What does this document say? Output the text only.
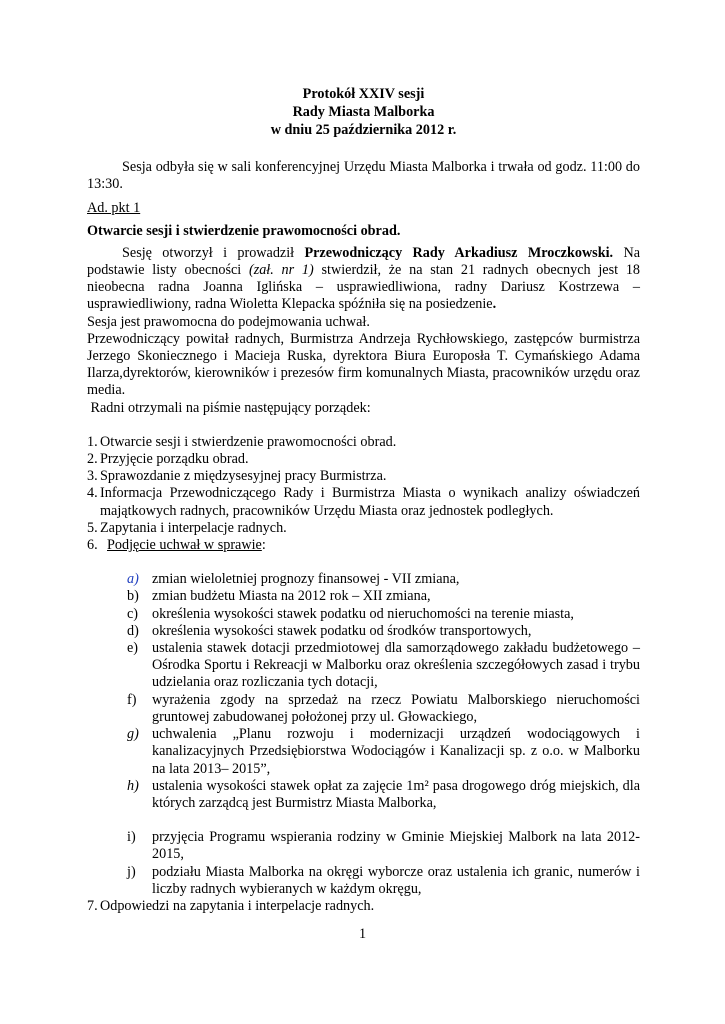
Protokół XXIV sesji
Rady Miasta Malborka
w dniu 25 października 2012 r.

Sesja odbyła się w sali konferencyjnej Urzędu Miasta Malborka i trwała od godz. 11:00 do 13:30.

Ad. pkt 1

Otwarcie sesji i stwierdzenie prawomocności obrad.

Sesję otworzył i prowadził Przewodniczący Rady Arkadiusz Mroczkowski. Na podstawie listy obecności (zał. nr 1) stwierdził, że na stan 21 radnych obecnych jest 18 nieobecna radna Joanna Iglińska – usprawiedliwiona, radny Dariusz Kostrzewa – usprawiedliwiony, radna Wioletta Klepacka spóźniła się na posiedzenie.

Sesja jest prawomocna do podejmowania uchwał.

Przewodniczący powitał radnych, Burmistrza Andrzeja Rychłowskiego, zastępców burmistrza Jerzego Skoniecznego i Macieja Ruska, dyrektora Biura Europosła T. Cymańskiego Adama Ilarza,dyrektorów, kierowników i prezesów firm komunalnych Miasta, pracowników urzędu oraz media.

Radni otrzymali na piśmie następujący porządek:

1. Otwarcie sesji i stwierdzenie prawomocności obrad.
2. Przyjęcie porządku obrad.
3. Sprawozdanie z międzysesyjnej pracy Burmistrza.
4. Informacja Przewodniczącego Rady i Burmistrza Miasta o wynikach analizy oświadczeń majątkowych radnych, pracowników Urzędu Miasta oraz jednostek podległych.
5. Zapytania i interpelacje radnych.
6. Podjęcie uchwał w sprawie:
a) zmian wieloletniej prognozy finansowej - VII zmiana,
b) zmian budżetu Miasta na 2012 rok – XII zmiana,
c) określenia wysokości stawek podatku od nieruchomości na terenie miasta,
d) określenia wysokości stawek podatku od środków transportowych,
e) ustalenia stawek dotacji przedmiotowej dla samorządowego zakładu budżetowego – Ośrodka Sportu i Rekreacji w Malborku oraz określenia szczegółowych zasad i trybu udzielania oraz rozliczania tych dotacji,
f) wyrażenia zgody na sprzedaż na rzecz Powiatu Malborskiego nieruchomości gruntowej zabudowanej położonej przy ul. Głowackiego,
g) uchwalenia „Planu rozwoju i modernizacji urządzeń wodociągowych i kanalizacyjnych Przedsiębiorstwa Wodociągów i Kanalizacji sp. z o.o. w Malborku na lata 2013– 2015”,
h) ustalenia wysokości stawek opłat za zajęcie 1m² pasa drogowego dróg miejskich, dla których zarządcą jest Burmistrz Miasta Malborka,
i) przyjęcia Programu wspierania rodziny w Gminie Miejskiej Malbork na lata 2012-2015,
j) podziału Miasta Malborka na okręgi wyborcze oraz ustalenia ich granic, numerów i liczby radnych wybieranych w każdym okręgu,
7. Odpowiedzi na zapytania i interpelacje radnych.
1
